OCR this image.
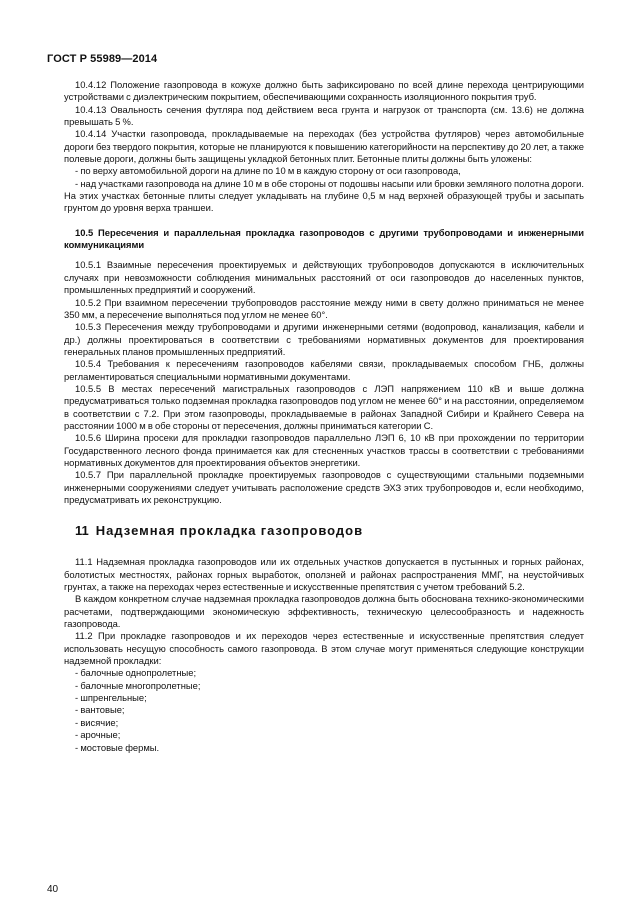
ГОСТ Р 55989—2014

10.4.12 Положение газопровода в кожухе должно быть зафиксировано по всей длине перехода центрирующими устройствами с диэлектрическим покрытием, обеспечивающими сохранность изоляционного покрытия труб.

10.4.13 Овальность сечения футляра под действием веса грунта и нагрузок от транспорта (см. 13.6) не должна превышать 5 %.

10.4.14 Участки газопровода, прокладываемые на переходах (без устройства футляров) через автомобильные дороги без твердого покрытия, которые не планируются к повышению категорийности на перспективу до 20 лет, а также полевые дороги, должны быть защищены укладкой бетонных плит. Бетонные плиты должны быть уложены:

- по верху автомобильной дороги на длине по 10 м в каждую сторону от оси газопровода,

- над участками газопровода на длине 10 м в обе стороны от подошвы насыпи или бровки земляного полотна дороги. На этих участках бетонные плиты следует укладывать на глубине 0,5 м над верхней образующей трубы и засыпать грунтом до уровня верха траншеи.

10.5 Пересечения и параллельная прокладка газопроводов с другими трубопроводами и инженерными коммуникациями

10.5.1 Взаимные пересечения проектируемых и действующих трубопроводов допускаются в исключительных случаях при невозможности соблюдения минимальных расстояний от оси газопроводов до населенных пунктов, промышленных предприятий и сооружений.

10.5.2 При взаимном пересечении трубопроводов расстояние между ними в свету должно приниматься не менее 350 мм, а пересечение выполняться под углом не менее 60°.

10.5.3 Пересечения между трубопроводами и другими инженерными сетями (водопровод, канализация, кабели и др.) должны проектироваться в соответствии с требованиями нормативных документов для проектирования генеральных планов промышленных предприятий.

10.5.4 Требования к пересечениям газопроводов кабелями связи, прокладываемых способом ГНБ, должны регламентироваться специальными нормативными документами.

10.5.5 В местах пересечений магистральных газопроводов с ЛЭП напряжением 110 кВ и выше должна предусматриваться только подземная прокладка газопроводов под углом не менее 60° и на расстоянии, определяемом в соответствии с 7.2. При этом газопроводы, прокладываемые в районах Западной Сибири и Крайнего Севера на расстоянии 1000 м в обе стороны от пересечения, должны приниматься категории С.

10.5.6 Ширина просеки для прокладки газопроводов параллельно ЛЭП 6, 10 кВ при прохождении по территории Государственного лесного фонда принимается как для стесненных участков трассы в соответствии с требованиями нормативных документов для проектирования объектов энергетики.

10.5.7 При параллельной прокладке проектируемых газопроводов с существующими стальными подземными инженерными сооружениями следует учитывать расположение средств ЭХЗ этих трубопроводов и, если необходимо, предусматривать их реконструкцию.

11 Надземная прокладка газопроводов

11.1 Надземная прокладка газопроводов или их отдельных участков допускается в пустынных и горных районах, болотистых местностях, районах горных выработок, оползней и районах распространения ММГ, на неустойчивых грунтах, а также на переходах через естественные и искусственные препятствия с учетом требований 5.2.

В каждом конкретном случае надземная прокладка газопроводов должна быть обоснована технико-экономическими расчетами, подтверждающими экономическую эффективность, техническую целесообразность и надежность газопровода.

11.2 При прокладке газопроводов и их переходов через естественные и искусственные препятствия следует использовать несущую способность самого газопровода. В этом случае могут применяться следующие конструкции надземной прокладки:

- балочные однопролетные;

- балочные многопролетные;

- шпренгельные;

- вантовые;

- висячие;

- арочные;

- мостовые фермы.

40
